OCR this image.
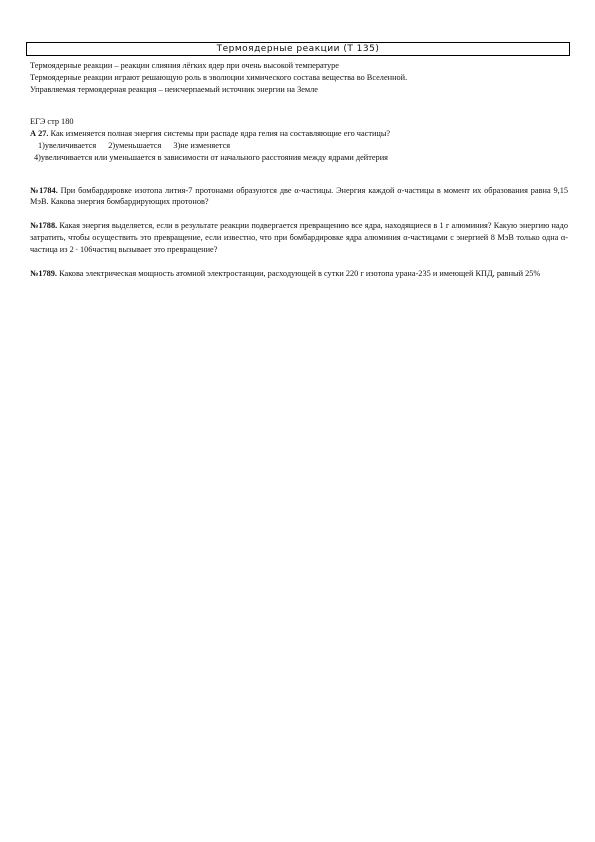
Термоядерные реакции (Т 135)

Термоядерные реакции – реакции слияния лёгких ядер при очень высокой температуре

Термоядерные реакции играют решающую роль в эволюции химического состава вещества во Вселенной.

Управляемая термоядерная реакция – неисчерпаемый источник энергии на Земле

ЕГЭ стр 180

А 27. Как изменяется полная энергия системы при распаде ядра гелия на составляющие его частицы?

1)увеличивается 2)уменьшается 3)не изменяется

4)увеличивается или уменьшается в зависимости от начального расстояния между ядрами дейтерия

№1784. При бомбардировке изотопа лития-7 протонами образуются две α-частицы. Энергия каждой α-частицы в момент их образования равна 9,15 МэВ. Какова энергия бомбардирующих протонов?

№1788. Какая энергия выделяется, если в результате реакции подвергается превращению все ядра, находящиеся в 1 г алюминия? Какую энергию надо затратить, чтобы осуществить это превращение, если известно, что при бомбардировке ядра алюминия α-частицами с энергией 8 МэВ только одна α-частица из 2 ∙ 106частиц вызывает это превращение?

№1789. Какова электрическая мощность атомной электростанции, расходующей в сутки 220 г изотопа урана-235 и имеющей КПД, равный 25%
